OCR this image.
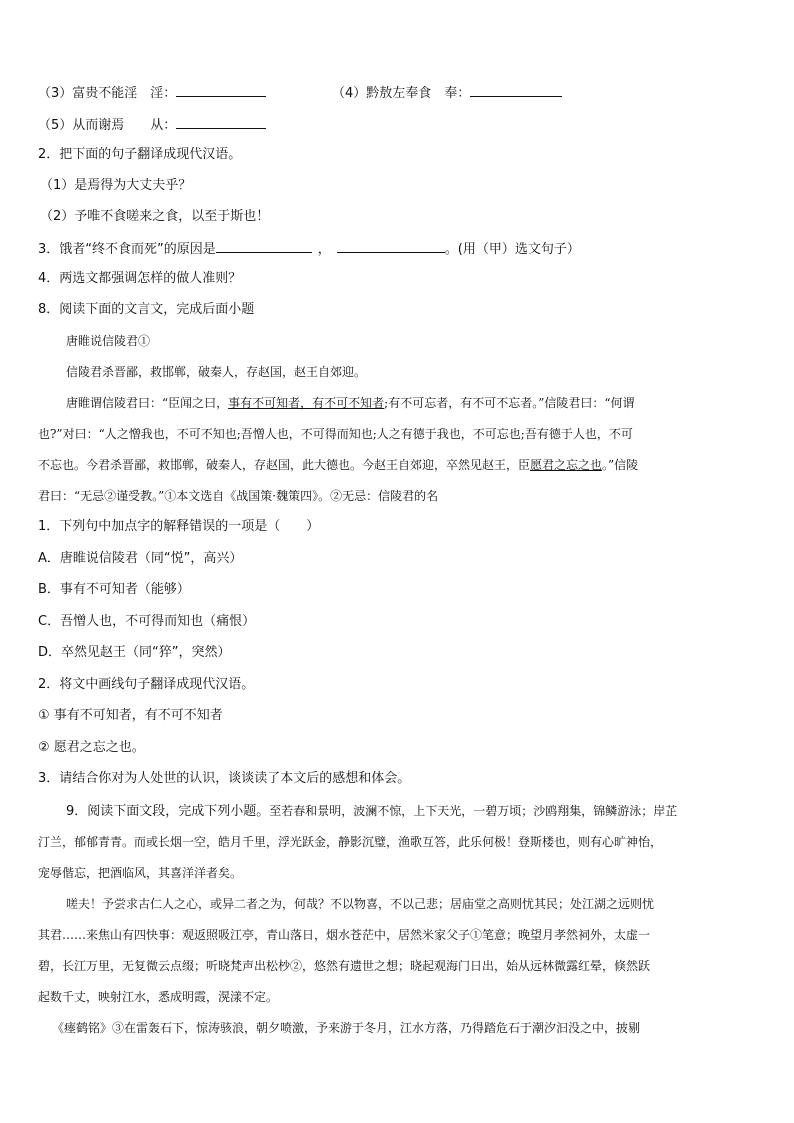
（3）富贵不能淫　淫：	（4）黔敖左奉食　奉：
（5）从而谢焉　　从：
2．把下面的句子翻译成现代汉语。
（1）是焉得为大丈夫乎？
（2）予唯不食嗟来之食，以至于斯也！
3．饿者“终不食而死”的原因是	，	。(用（甲）选文句子）
4．两选文都强调怎样的做人准则？
8．阅读下面的文言文，完成后面小题
唐睢说信陵君①
信陵君杀晋鄙，救邯郸，破秦人，存赵国，赵王自郊迎。
唐睢谓信陵君曰：“臣闻之曰，事有不可知者，有不可不知者;有不可忘者，有不可不忘者。”信陵君曰：“何谓
也?”对曰：“人之憎我也，不可不知也;吾憎人也，不可得而知也;人之有德于我也，不可忘也;吾有德于人也，不可
不忘也。今君杀晋鄙，救邯郸，破秦人，存赵国，此大德也。今赵王自郊迎，卒然见赵王，臣愿君之忘之也。”信陵
君曰：“无忌②谨受教。”①本文选自《战国策·魏策四》。②无忌：信陵君的名
1．下列句中加点字的解释错误的一项是（　　）
A．唐睢说信陵君（同“悦”，高兴）
B．事有不可知者（能够）
C．吾憎人也，不可得而知也（痛恨）
D．卒然见赵王（同“猝”，突然）
2．将文中画线句子翻译成现代汉语。
① 事有不可知者，有不可不知者
② 愿君之忘之也。
3．请结合你对为人处世的认识，谈谈读了本文后的感想和体会。
9．阅读下面文段，完成下列小题。至若春和景明，波澜不惊，上下天光，一碧万顷；沙鸥翔集，锦鳞游泳；岸芷
汀兰，郁郁青青。而或长烟一空，皓月千里，浮光跃金，静影沉璧，渔歌互答，此乐何极！登斯楼也，则有心旷神怡，
宠辱偕忘，把酒临风，其喜洋洋者矣。
嗟夫！予尝求古仁人之心，或异二者之为，何哉？不以物喜，不以己悲；居庙堂之高则忧其民；处江湖之远则忧
其君……来焦山有四快事：观返照吸江亭，青山落日，烟水苍茫中，居然米家父子①笔意；晚望月孝然祠外，太虚一
碧，长江万里，无复微云点缀；听晓梵声出松杪②，悠然有遗世之想；晓起观海门日出，始从远林微露红晕，倏然跃
起数千丈，映射江水，悉成明霞，滉漾不定。
《瘗鹤铭》③在雷轰石下，惊涛骇浪，朝夕喷激，予来游于冬月，江水方落，乃得踏危石于潮汐汩没之中，披剔
